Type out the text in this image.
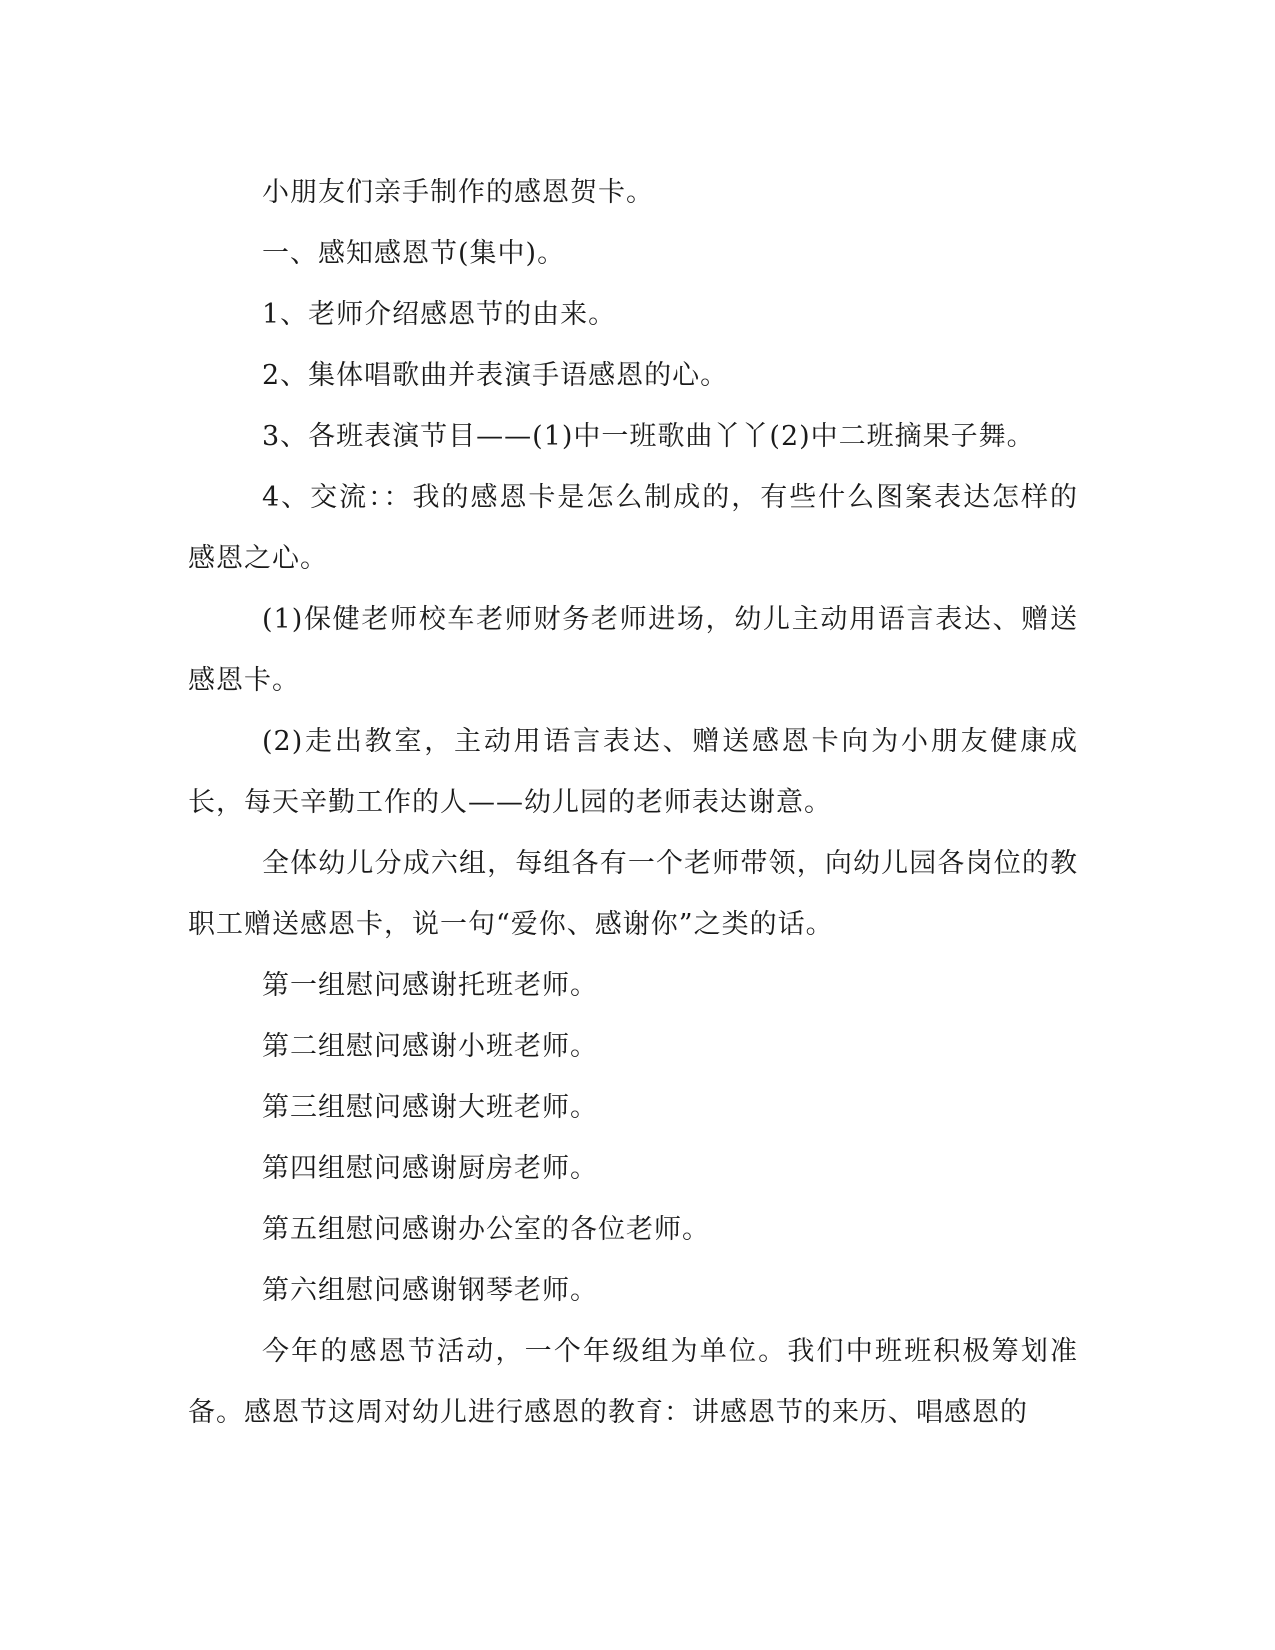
小朋友们亲手制作的感恩贺卡。

一、感知感恩节(集中)。

1、老师介绍感恩节的由来。

2、集体唱歌曲并表演手语感恩的心。

3、各班表演节目——(1)中一班歌曲丫丫(2)中二班摘果子舞。

4、交流：：我的感恩卡是怎么制成的，有些什么图案表达怎样的感恩之心。

(1)保健老师校车老师财务老师进场，幼儿主动用语言表达、赠送感恩卡。

(2)走出教室，主动用语言表达、赠送感恩卡向为小朋友健康成长，每天辛勤工作的人——幼儿园的老师表达谢意。

全体幼儿分成六组，每组各有一个老师带领，向幼儿园各岗位的教职工赠送感恩卡，说一句“爱你、感谢你”之类的话。

第一组慰问感谢托班老师。

第二组慰问感谢小班老师。

第三组慰问感谢大班老师。

第四组慰问感谢厨房老师。

第五组慰问感谢办公室的各位老师。

第六组慰问感谢钢琴老师。

今年的感恩节活动，一个年级组为单位。我们中班班积极筹划准备。感恩节这周对幼儿进行感恩的教育：讲感恩节的来历、唱感恩的
